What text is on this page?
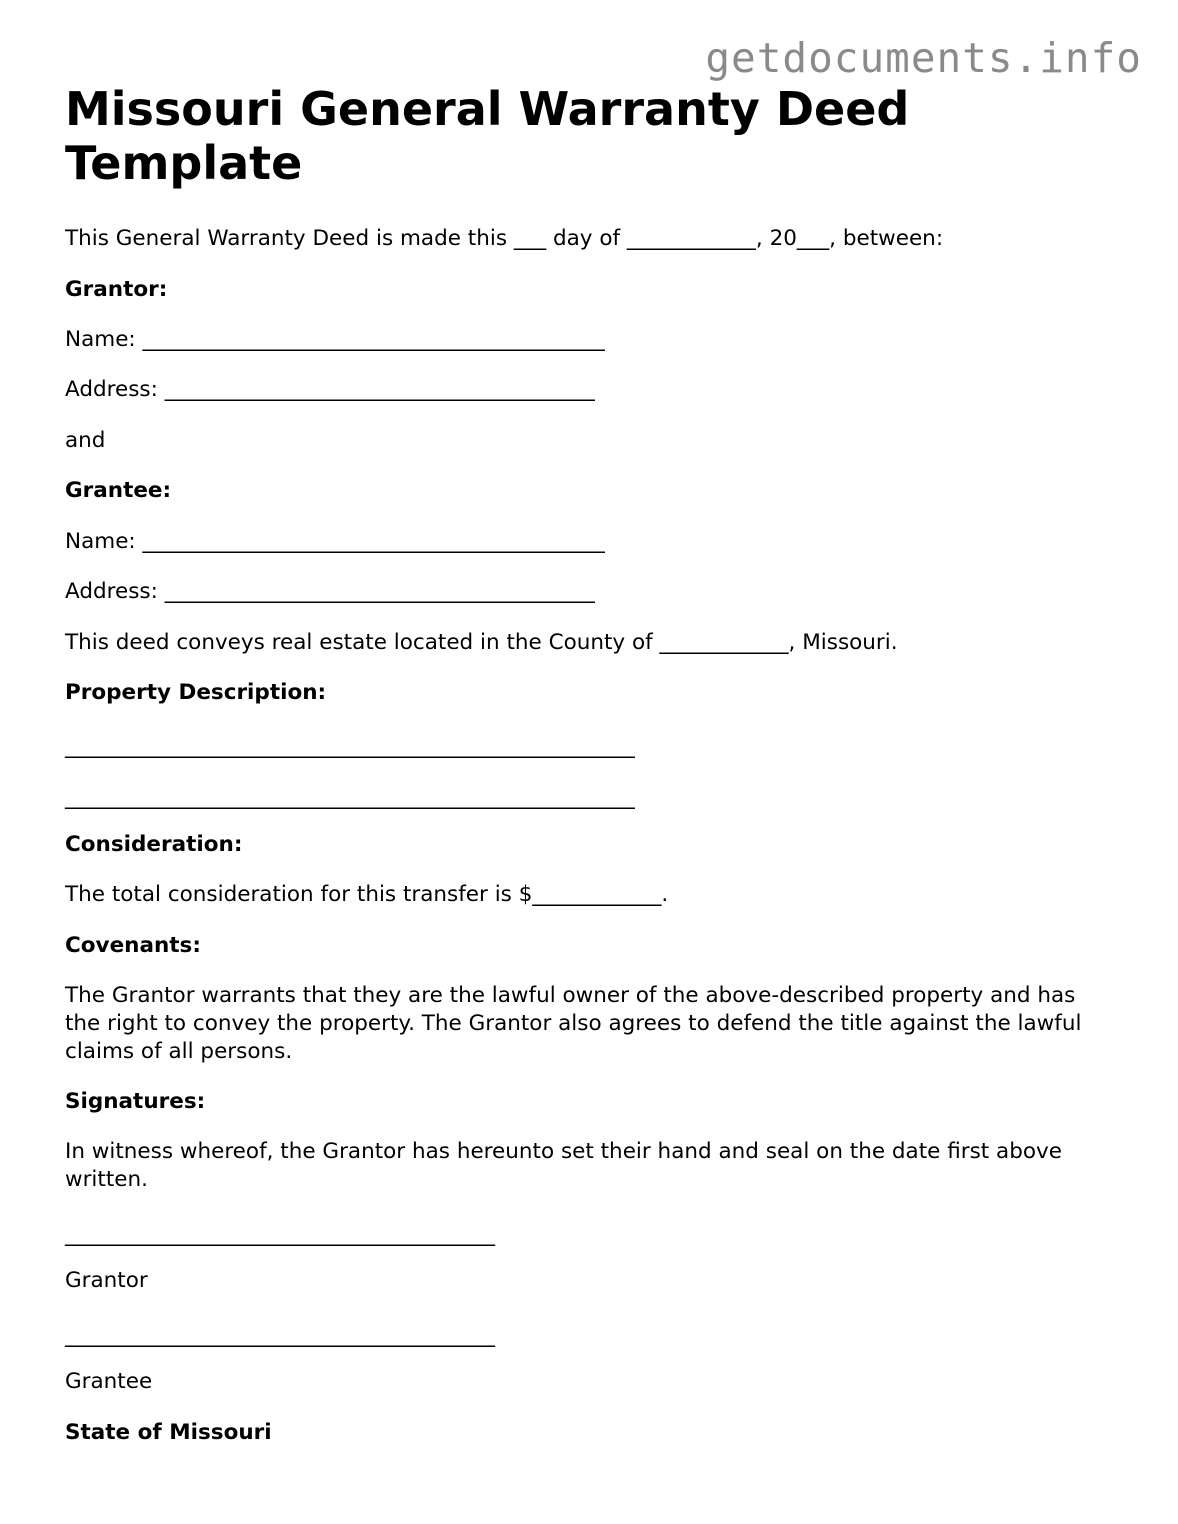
getdocuments.info
Missouri General Warranty Deed Template

This General Warranty Deed is made this ___ day of ____________, 20___, between:

Grantor:

Name: ___________________________________________

Address: ________________________________________

and

Grantee:

Name: ___________________________________________

Address: ________________________________________

This deed conveys real estate located in the County of ____________, Missouri.

Property Description:

_____________________________________________________

_____________________________________________________

Consideration:

The total consideration for this transfer is $____________.

Covenants:

The Grantor warrants that they are the lawful owner of the above-described property and has the right to convey the property. The Grantor also agrees to defend the title against the lawful claims of all persons.

Signatures:

In witness whereof, the Grantor has hereunto set their hand and seal on the date first above written.

________________________________________

Grantor

________________________________________

Grantee

State of Missouri
